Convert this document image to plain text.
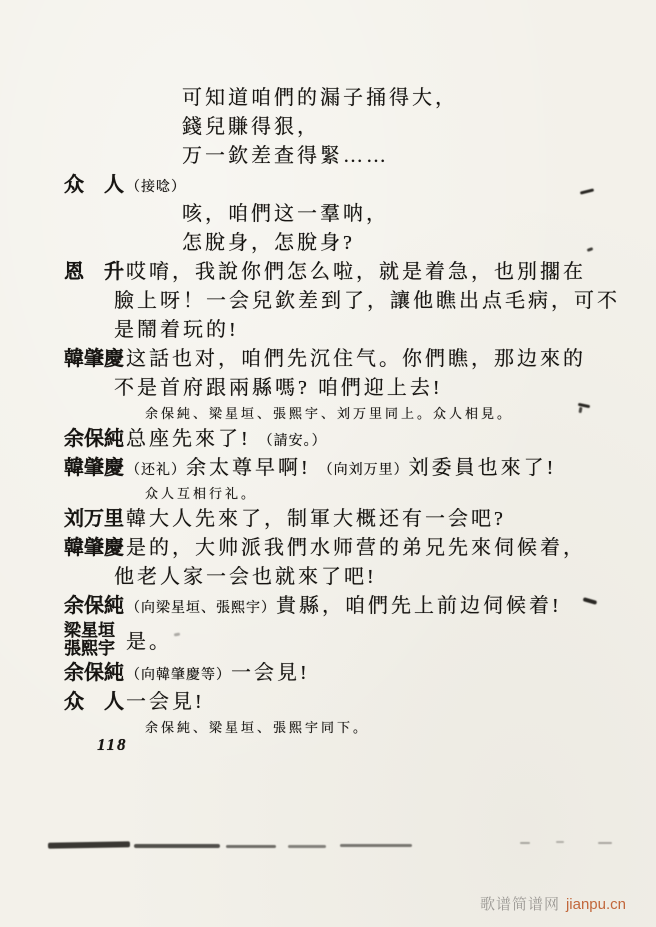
可知道咱們的漏子捅得大，
錢兒賺得狠，
万一欽差查得緊……
众　人 （接唸）
咳，咱們这一羣呐，
怎脫身，怎脫身?
恩　升 哎唷，我說你們怎么啦，就是着急，也別擱在
臉上呀！一会兒欽差到了，讓他瞧出点毛病，可不
是鬧着玩的!
韓肇慶 这話也对，咱們先沉住气。你們瞧，那边來的
不是首府跟兩縣嗎? 咱們迎上去!
余保純、梁星垣、張熙宇、刘万里同上。众人相見。
余保純 总座先來了! （請安。）
韓肇慶 （还礼）余太尊早啊! （向刘万里）刘委員也來了!
众人互相行礼。
刘万里 韓大人先來了，制軍大概还有一会吧?
韓肇慶 是的，大帅派我們水师营的弟兄先來伺候着，
他老人家一会也就來了吧!
余保純 （向梁星垣、張熙宇）貴縣，咱們先上前边伺候着!
梁星垣
張熙宇 是。
余保純 （向韓肇慶等）一会見!
众　人 一会見!
余保純、梁星垣、張熙宇同下。
118
歌谱简谱网 jianpu.cn
